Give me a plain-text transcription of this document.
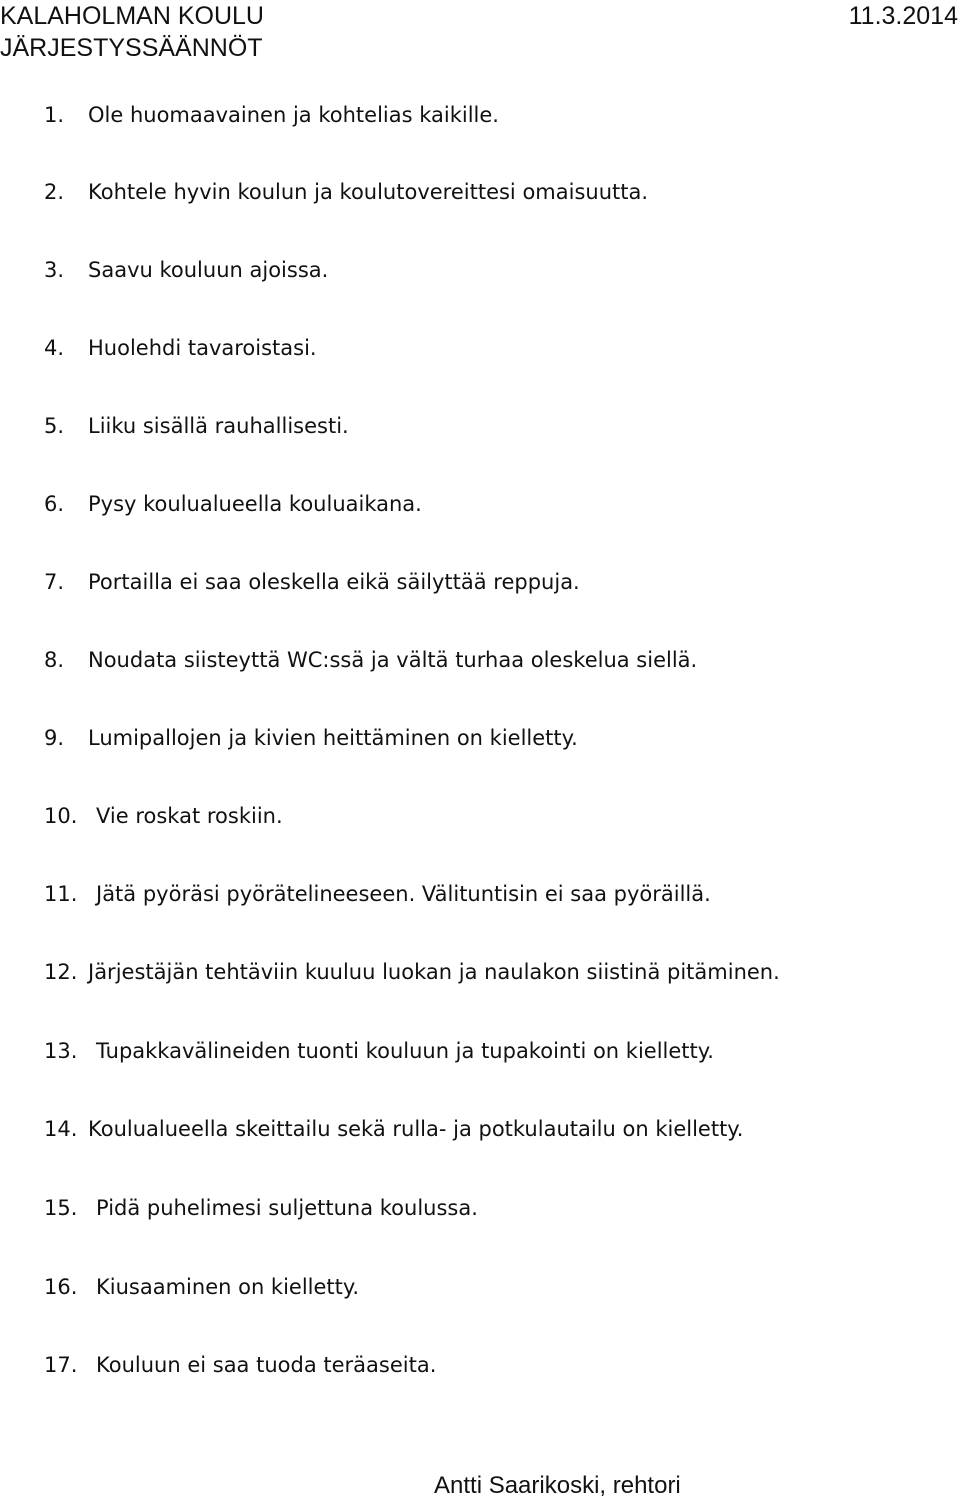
KALAHOLMAN KOULU
JÄRJESTYSSÄÄNNÖT
11.3.2014
1. Ole huomaavainen ja kohtelias kaikille.
2. Kohtele hyvin koulun ja koulutovereittesi omaisuutta.
3. Saavu kouluun ajoissa.
4. Huolehdi tavaroistasi.
5. Liiku sisällä rauhallisesti.
6. Pysy koulualueella kouluaikana.
7. Portailla ei saa oleskella eikä säilyttää reppuja.
8. Noudata siisteyttä WC:ssä ja vältä turhaa oleskelua siellä.
9. Lumipallojen ja kivien heittäminen on kielletty.
10. Vie roskat roskiin.
11. Jätä pyöräsi pyörätelineeseen. Välituntisin ei saa pyöräillä.
12. Järjestäjän tehtäviin kuuluu luokan ja naulakon siistinä pitäminen.
13. Tupakkavälineiden tuonti kouluun ja tupakointi on kielletty.
14. Koulualueella skeittailu sekä rulla- ja potkulautailu on kielletty.
15. Pidä puhelimesi suljettuna koulussa.
16. Kiusaaminen on kielletty.
17. Kouluun ei saa tuoda teräaseita.
Antti Saarikoski, rehtori
